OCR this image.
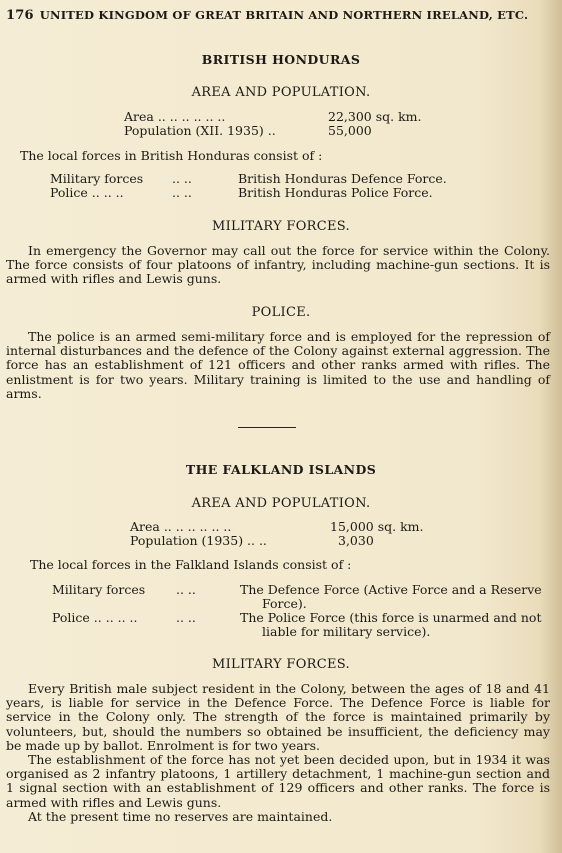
176 UNITED KINGDOM OF GREAT BRITAIN AND NORTHERN IRELAND, ETC.
BRITISH HONDURAS
AREA AND POPULATION.
Area .. .. .. .. .. ..	22,300 sq. km.
Population (XII. 1935) ..	55,000
The local forces in British Honduras consist of :
Military forces .. ..	British Honduras Defence Force.
Police .. .. ..	.. ..	British Honduras Police Force.
MILITARY FORCES.

In emergency the Governor may call out the force for service within the Colony. The force consists of four platoons of infantry, including machine-gun sections. It is armed with rifles and Lewis guns.

POLICE.

The police is an armed semi-military force and is employed for the repression of internal disturbances and the defence of the Colony against external aggression. The force has an establishment of 121 officers and other ranks armed with rifles. The enlistment is for two years. Military training is limited to the use and handling of arms.

THE FALKLAND ISLANDS
AREA AND POPULATION.
Area .. .. .. .. .. ..	15,000 sq. km.
Population (1935) .. ..	3,030
The local forces in the Falkland Islands consist of :
Military forces .. ..	The Defence Force (Active Force and a Reserve
Force).
Police .. .. .. ..	.. ..	The Police Force (this force is unarmed and not
liable for military service).
MILITARY FORCES.

Every British male subject resident in the Colony, between the ages of 18 and 41 years, is liable for service in the Defence Force. The Defence Force is liable for service in the Colony only. The strength of the force is maintained primarily by volunteers, but, should the numbers so obtained be insufficient, the deficiency may be made up by ballot. Enrolment is for two years.

The establishment of the force has not yet been decided upon, but in 1934 it was organised as 2 infantry platoons, 1 artillery detachment, 1 machine-gun section and 1 signal section with an establishment of 129 officers and other ranks. The force is armed with rifles and Lewis guns.

At the present time no reserves are maintained.
